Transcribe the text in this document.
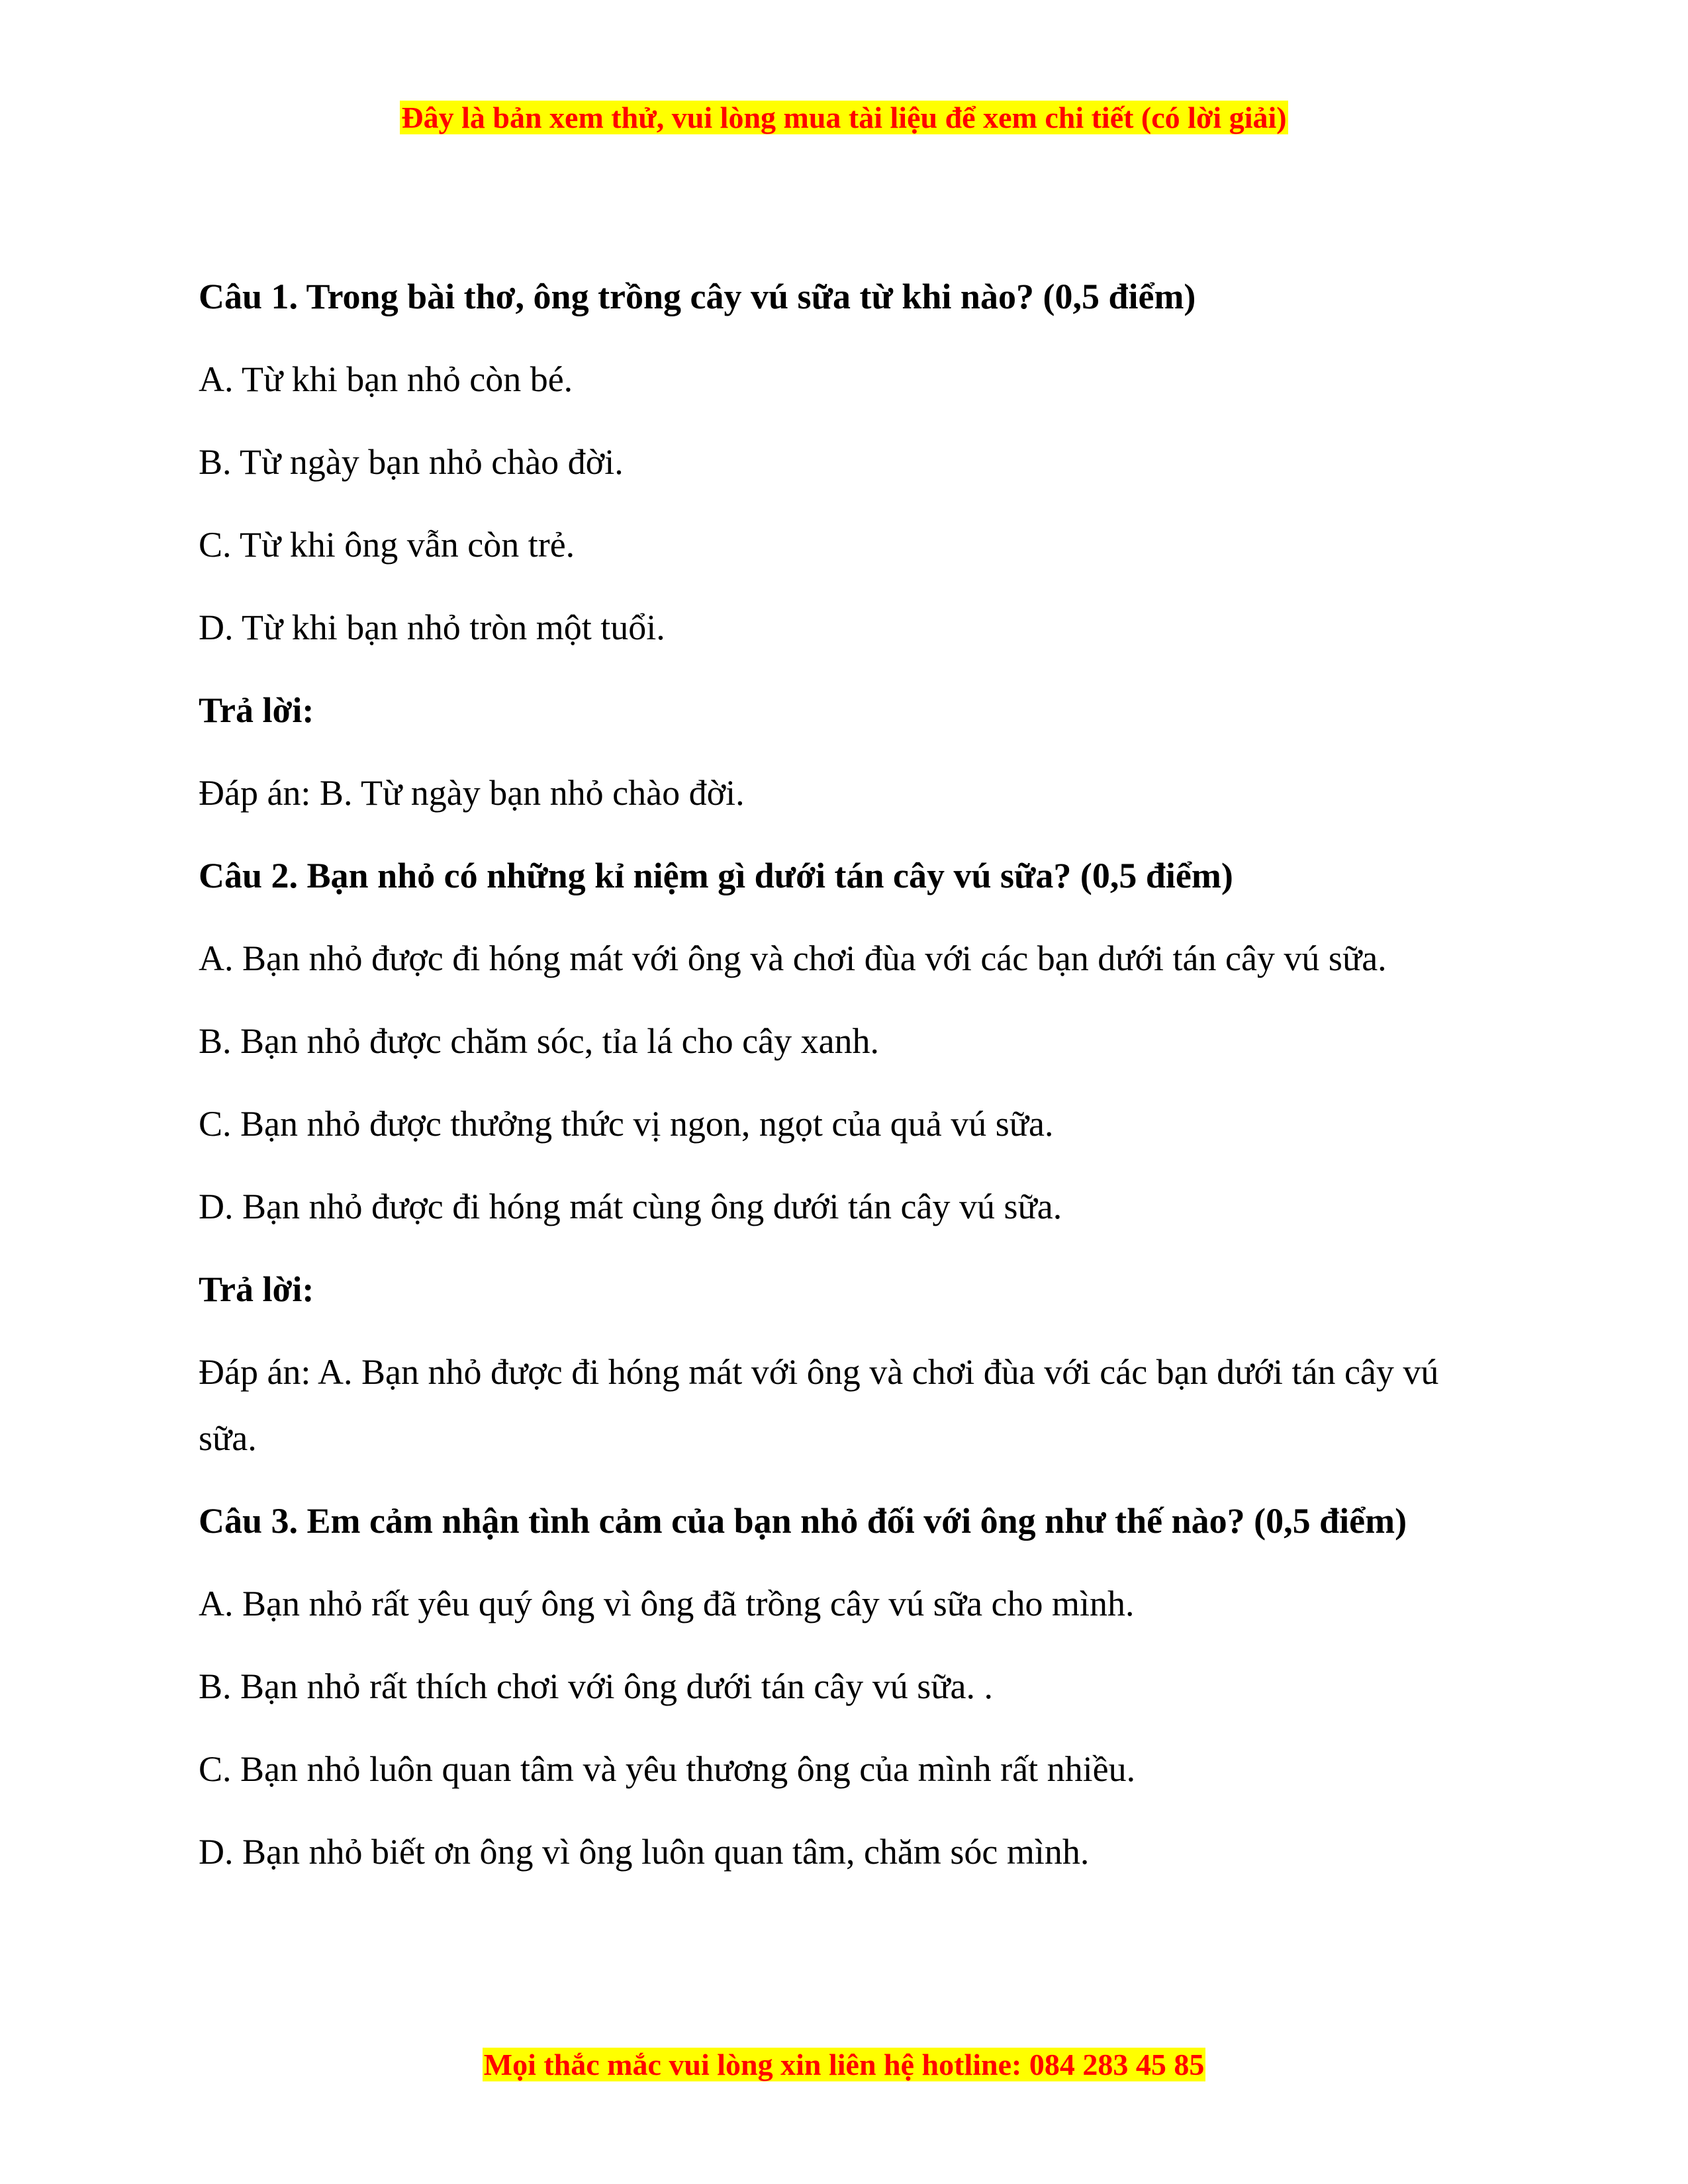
Đây là bản xem thử, vui lòng mua tài liệu để xem chi tiết (có lời giải)
Câu 1. Trong bài thơ, ông trồng cây vú sữa từ khi nào? (0,5 điểm)
A. Từ khi bạn nhỏ còn bé.
B. Từ ngày bạn nhỏ chào đời.
C. Từ khi ông vẫn còn trẻ.
D. Từ khi bạn nhỏ tròn một tuổi.
Trả lời:
Đáp án: B. Từ ngày bạn nhỏ chào đời.
Câu 2. Bạn nhỏ có những kỉ niệm gì dưới tán cây vú sữa? (0,5 điểm)
A. Bạn nhỏ được đi hóng mát với ông và chơi đùa với các bạn dưới tán cây vú sữa.
B. Bạn nhỏ được chăm sóc, tỉa lá cho cây xanh.
C. Bạn nhỏ được thưởng thức vị ngon, ngọt của quả vú sữa.
D. Bạn nhỏ được đi hóng mát cùng ông dưới tán cây vú sữa.
Trả lời:
Đáp án: A. Bạn nhỏ được đi hóng mát với ông và chơi đùa với các bạn dưới tán cây vú sữa.
Câu 3. Em cảm nhận tình cảm của bạn nhỏ đối với ông như thế nào? (0,5 điểm)
A. Bạn nhỏ rất yêu quý ông vì ông đã trồng cây vú sữa cho mình.
B. Bạn nhỏ rất thích chơi với ông dưới tán cây vú sữa. .
C. Bạn nhỏ luôn quan tâm và yêu thương ông của mình rất nhiều.
D. Bạn nhỏ biết ơn ông vì ông luôn quan tâm, chăm sóc mình.
Mọi thắc mắc vui lòng xin liên hệ hotline: 084 283 45 85
